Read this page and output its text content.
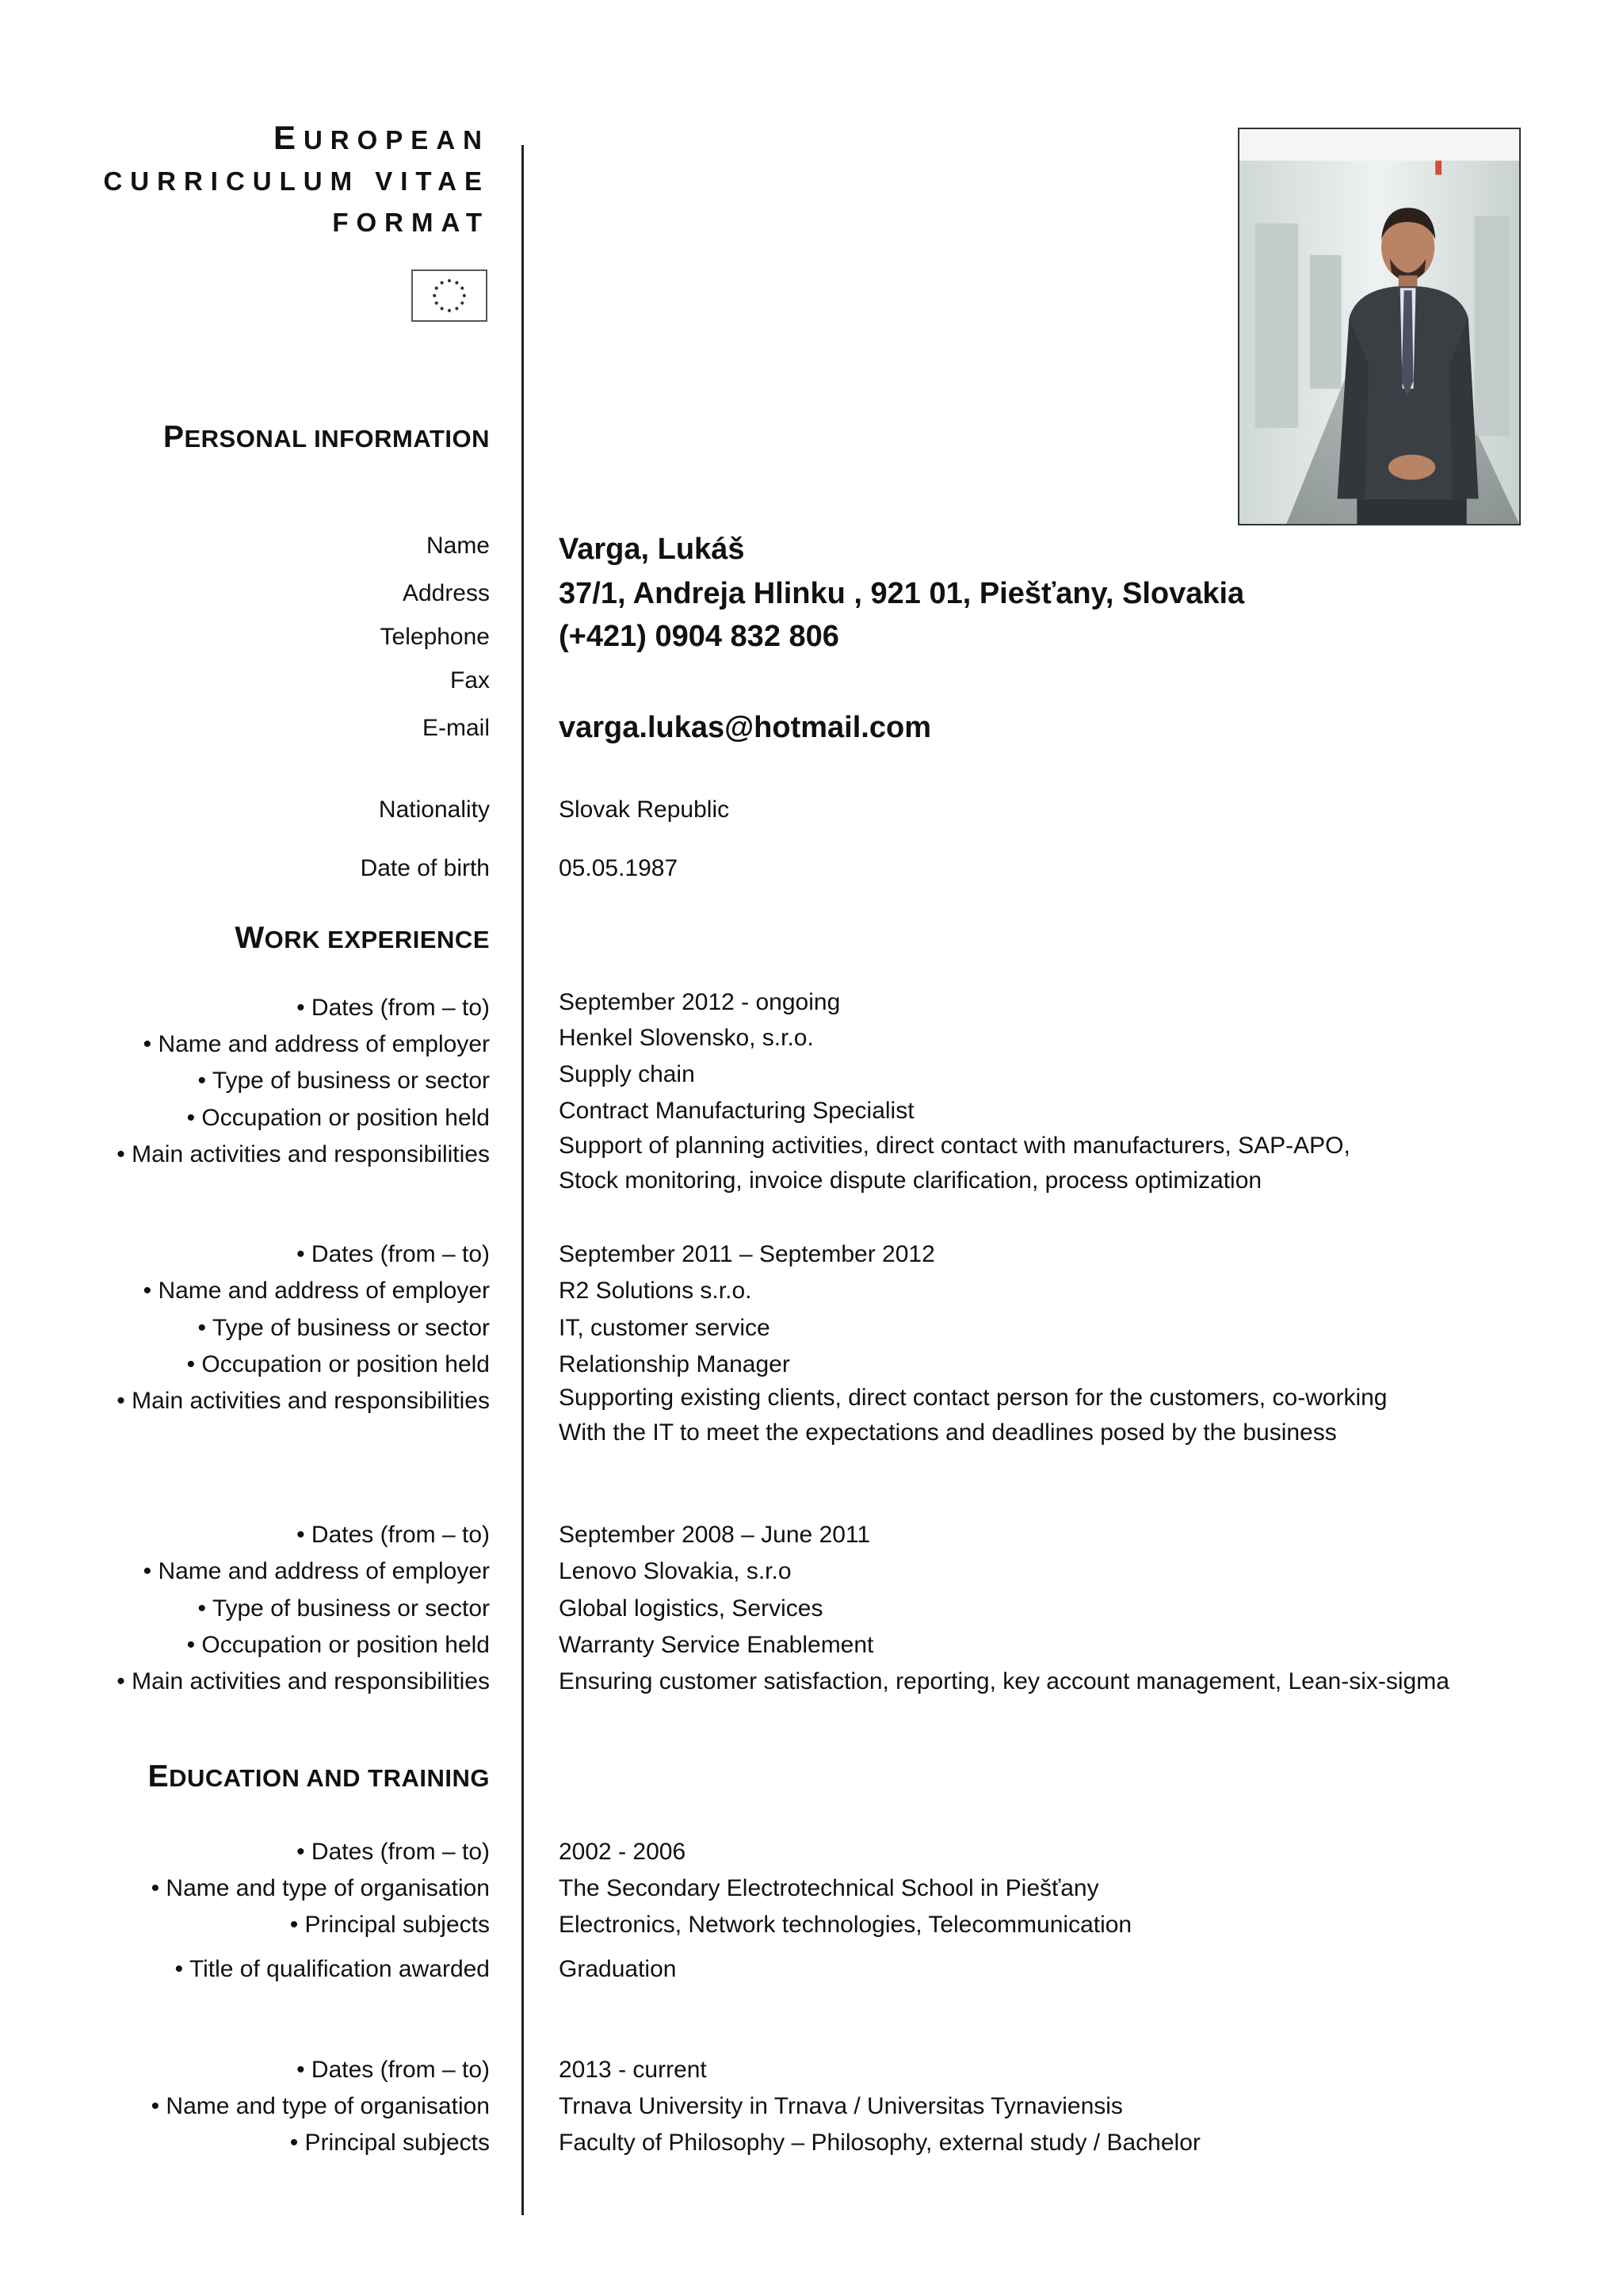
EUROPEAN
CURRICULUM VITAE
FORMAT
PERSONAL INFORMATION
Name Varga, Lukáš
Address 37/1, Andreja Hlinku , 921 01, Piešťany, Slovakia
Telephone (+421) 0904 832 806
Fax
E-mail varga.lukas@hotmail.com
Nationality	Slovak Republic
Date of birth	05.05.1987
WORK EXPERIENCE
• Dates (from – to)	September 2012 - ongoing
• Name and address of employer	Henkel Slovensko, s.r.o.
• Type of business or sector	Supply chain
• Occupation or position held	Contract Manufacturing Specialist
• Main activities and responsibilities	Support of planning activities, direct contact with manufacturers, SAP-APO,
Stock monitoring, invoice dispute clarification, process optimization
• Dates (from – to)	September 2011 – September 2012
• Name and address of employer	R2 Solutions s.r.o.
• Type of business or sector	IT, customer service
• Occupation or position held	Relationship Manager
• Main activities and responsibilities	Supporting existing clients, direct contact person for the customers, co-working
With the IT to meet the expectations and deadlines posed by the business
• Dates (from – to)	September 2008 – June 2011
• Name and address of employer	Lenovo Slovakia, s.r.o
• Type of business or sector	Global logistics, Services
• Occupation or position held	Warranty Service Enablement
• Main activities and responsibilities	Ensuring customer satisfaction, reporting, key account management, Lean-six-sigma
EDUCATION AND TRAINING
• Dates (from – to)	2002 - 2006
• Name and type of organisation	The Secondary Electrotechnical School in Piešťany
• Principal subjects	Electronics, Network technologies, Telecommunication
• Title of qualification awarded	Graduation
• Dates (from – to)	2013 - current
• Name and type of organisation	Trnava University in Trnava / Universitas Tyrnaviensis
• Principal subjects	Faculty of Philosophy – Philosophy, external study / Bachelor
